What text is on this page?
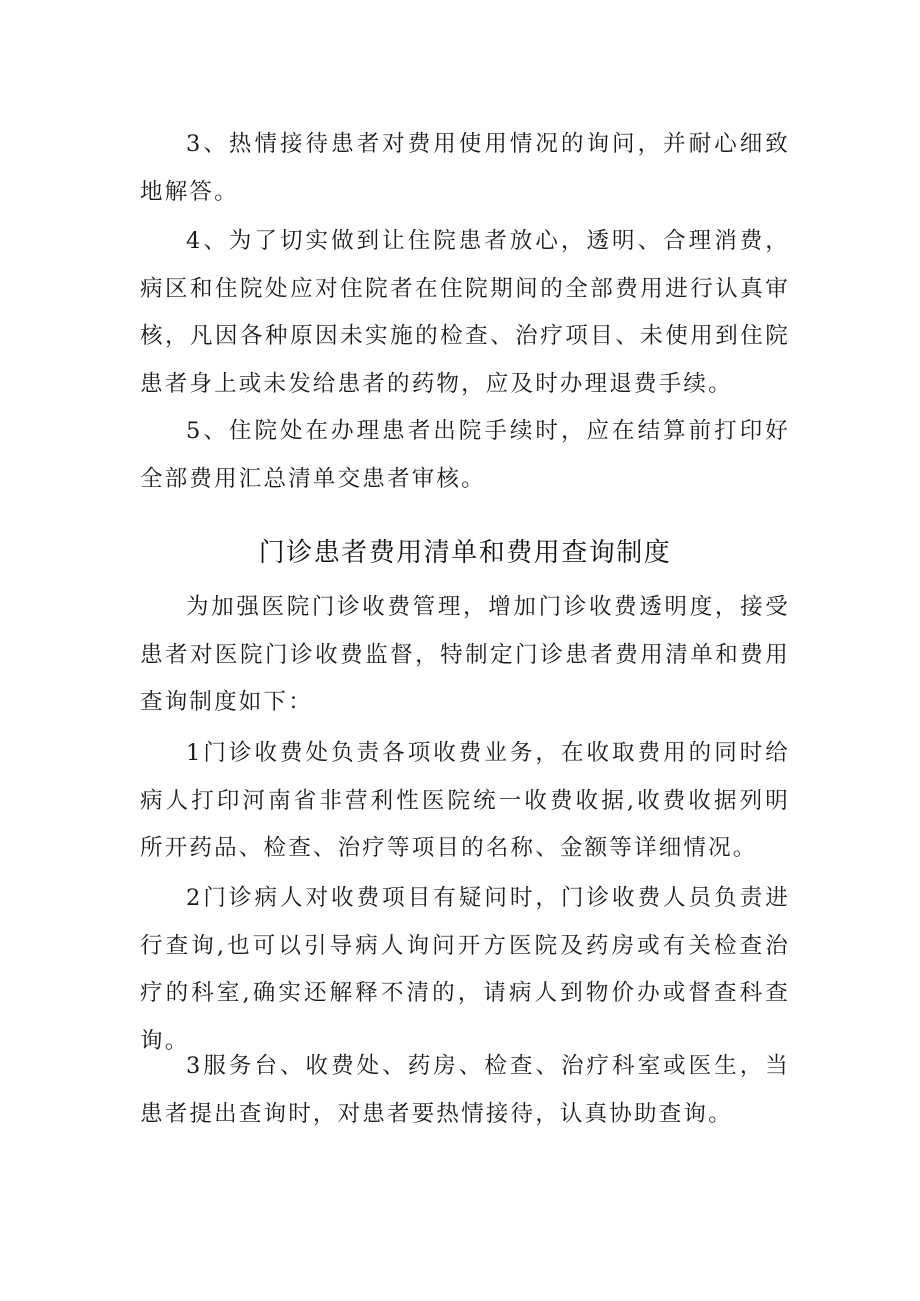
3、热情接待患者对费用使用情况的询问，并耐心细致地解答。

4、为了切实做到让住院患者放心，透明、合理消费，病区和住院处应对住院者在住院期间的全部费用进行认真审核，凡因各种原因未实施的检查、治疗项目、未使用到住院患者身上或未发给患者的药物，应及时办理退费手续。

5、住院处在办理患者出院手续时，应在结算前打印好全部费用汇总清单交患者审核。

门诊患者费用清单和费用查询制度

为加强医院门诊收费管理，增加门诊收费透明度，接受患者对医院门诊收费监督，特制定门诊患者费用清单和费用查询制度如下：

1门诊收费处负责各项收费业务，在收取费用的同时给病人打印河南省非营利性医院统一收费收据,收费收据列明所开药品、检查、治疗等项目的名称、金额等详细情况。

2门诊病人对收费项目有疑问时，门诊收费人员负责进行查询,也可以引导病人询问开方医院及药房或有关检查治疗的科室,确实还解释不清的，请病人到物价办或督查科查询。

3服务台、收费处、药房、检查、治疗科室或医生，当患者提出查询时，对患者要热情接待，认真协助查询。
